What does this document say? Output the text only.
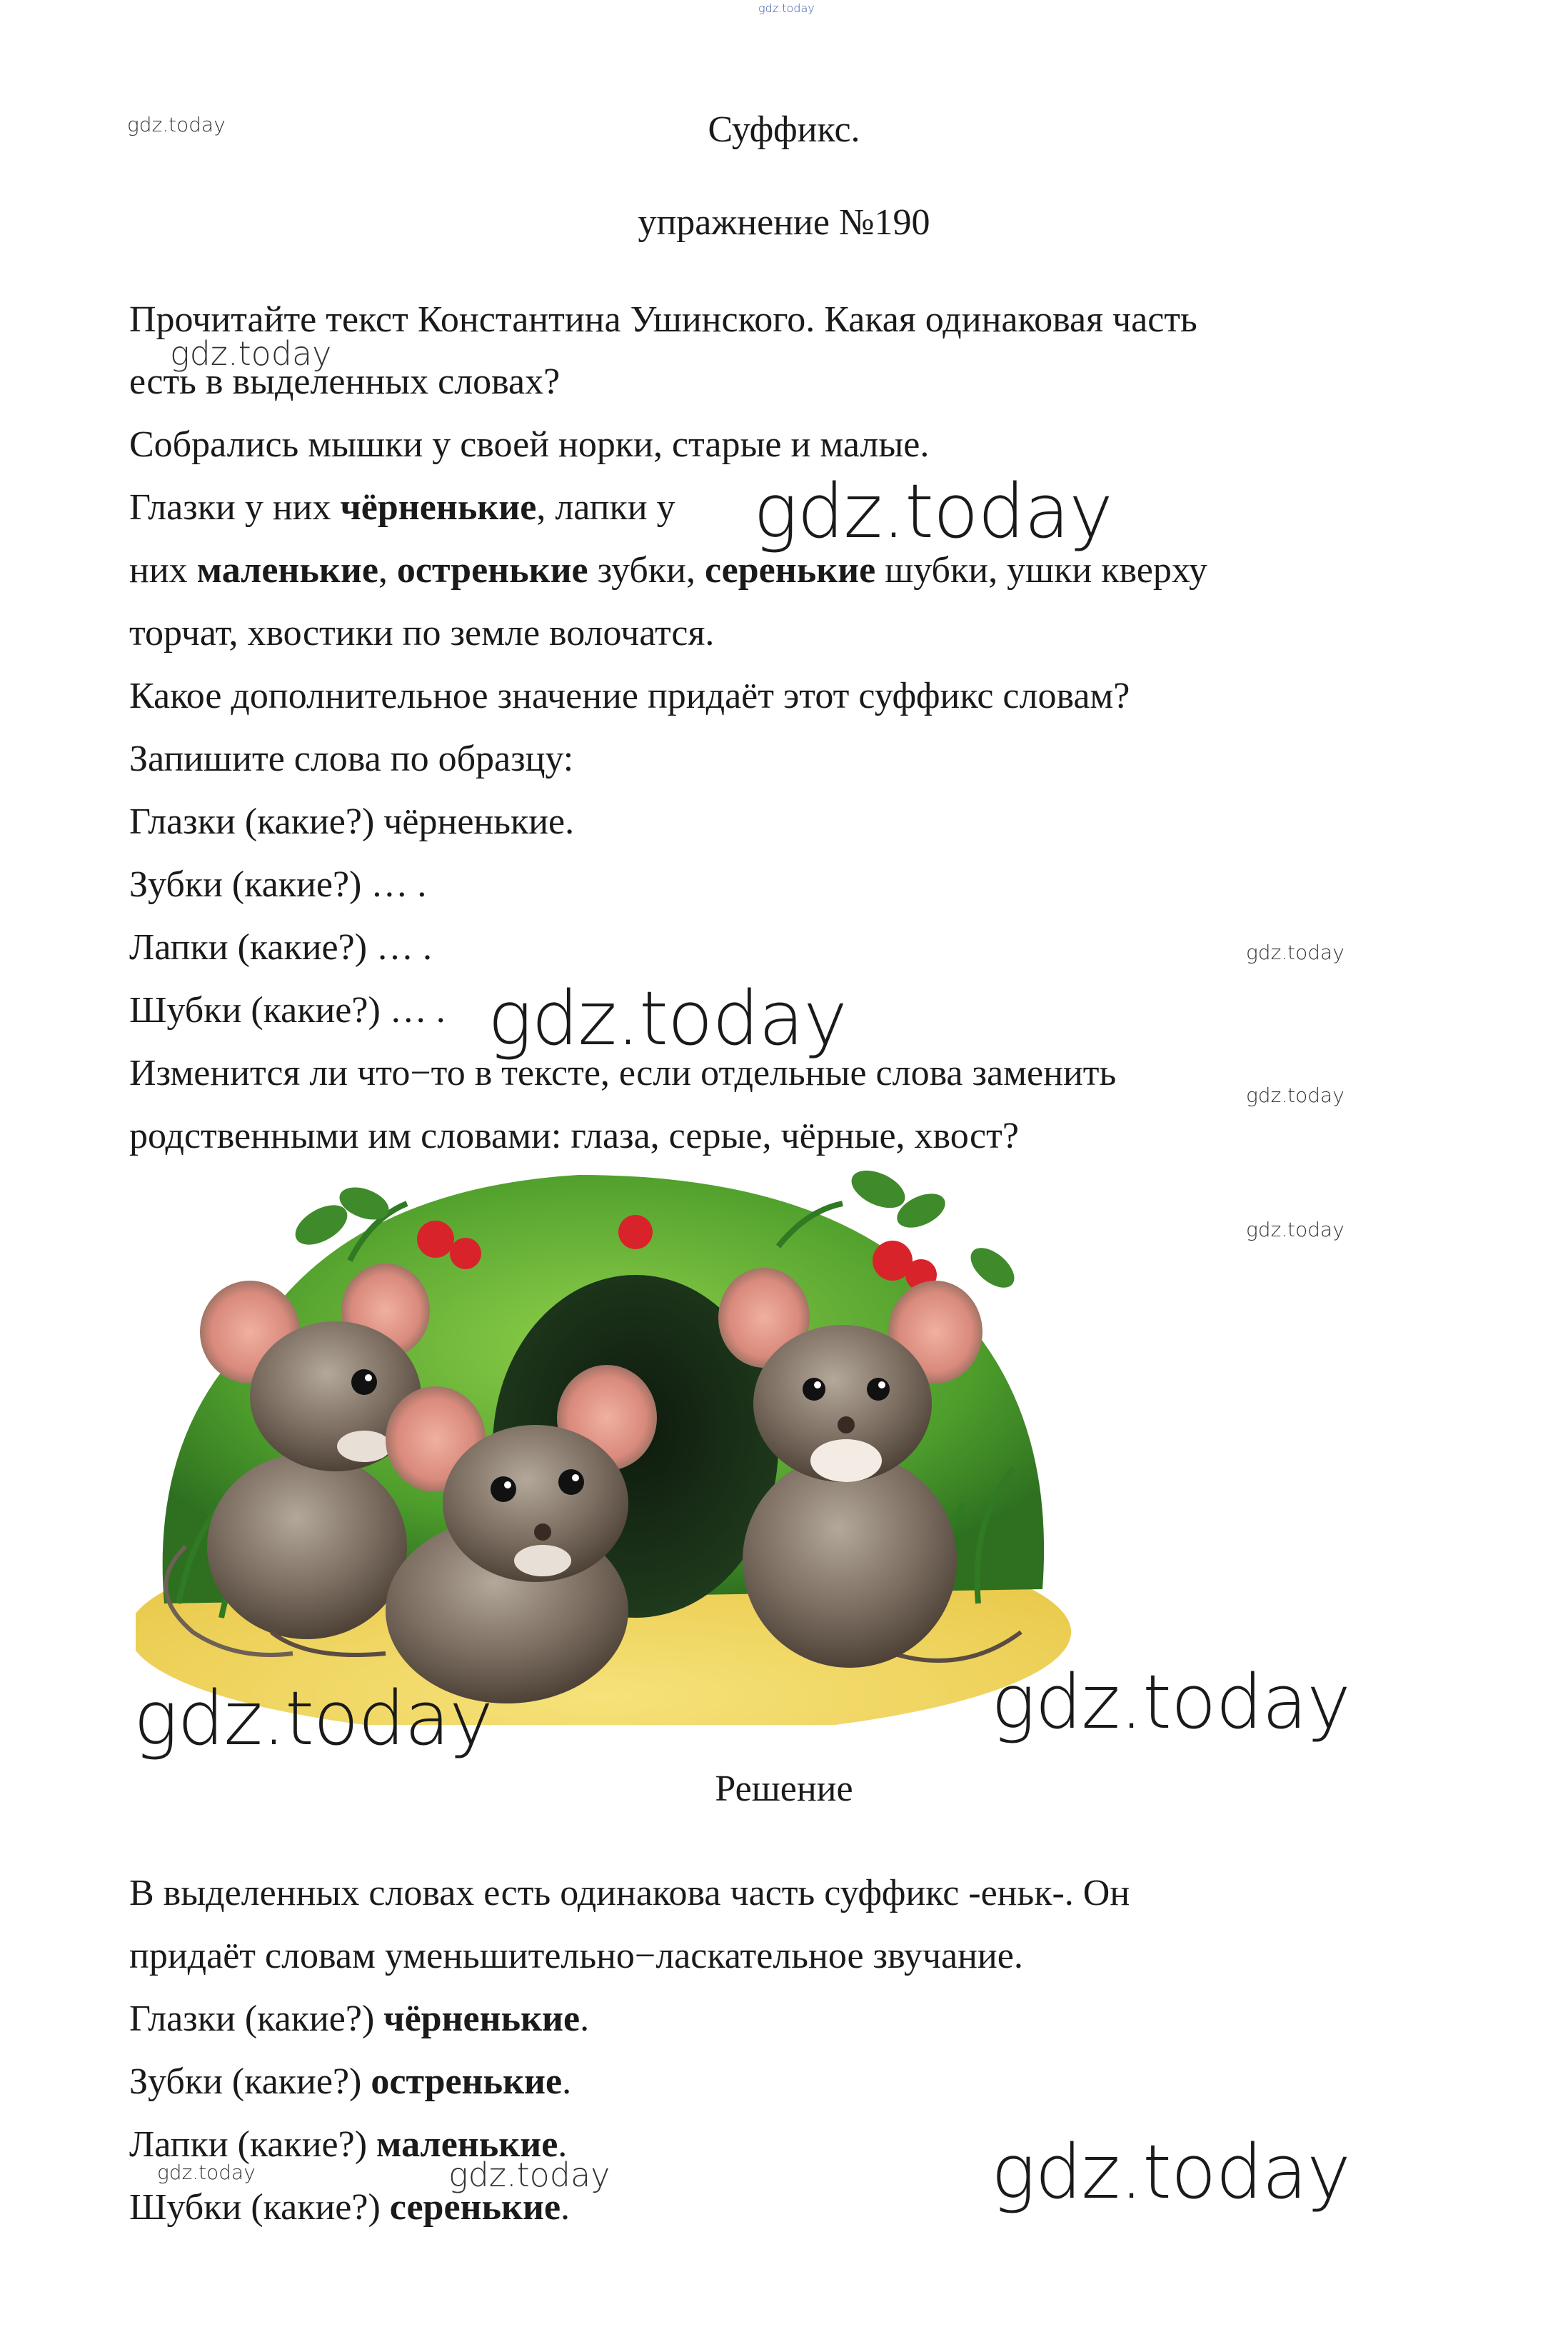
gdz.today
gdz.today	Суффикс.
упражнение №190
Прочитайте текст Константина Ушинского. Какая одинаковая часть
gdz.today
есть в выделенных словах?
Собрались мышки у своей норки, старые и малые.
Глазки у них чёрненькие, лапки у gdz.today
них маленькие, остренькие зубки, серенькие шубки, ушки кверху
торчат, хвостики по земле волочатся.
Какое дополнительное значение придаёт этот суффикс словам?
Запишите слова по образцу:
Глазки (какие?) чёрненькие.
Зубки (какие?) … .
Лапки (какие?) … .	gdz.today
Шубки (какие?) … . gdz.today
Изменится ли что−то в тексте, если отдельные слова заменить
gdz.today
родственными им словами: глаза, серые, чёрные, хвост?
gdz.today
gdz.today	gdz.today
Решение
В выделенных словах есть одинакова часть суффикс -еньк-. Он
придаёт словам уменьшительно−ласкательное звучание.
Глазки (какие?) чёрненькие.
Зубки (какие?) остренькие.
Лапки (какие?) маленькие.
gdz.today	gdz.today
Шубки (какие?) серенькие.	gdz.today
